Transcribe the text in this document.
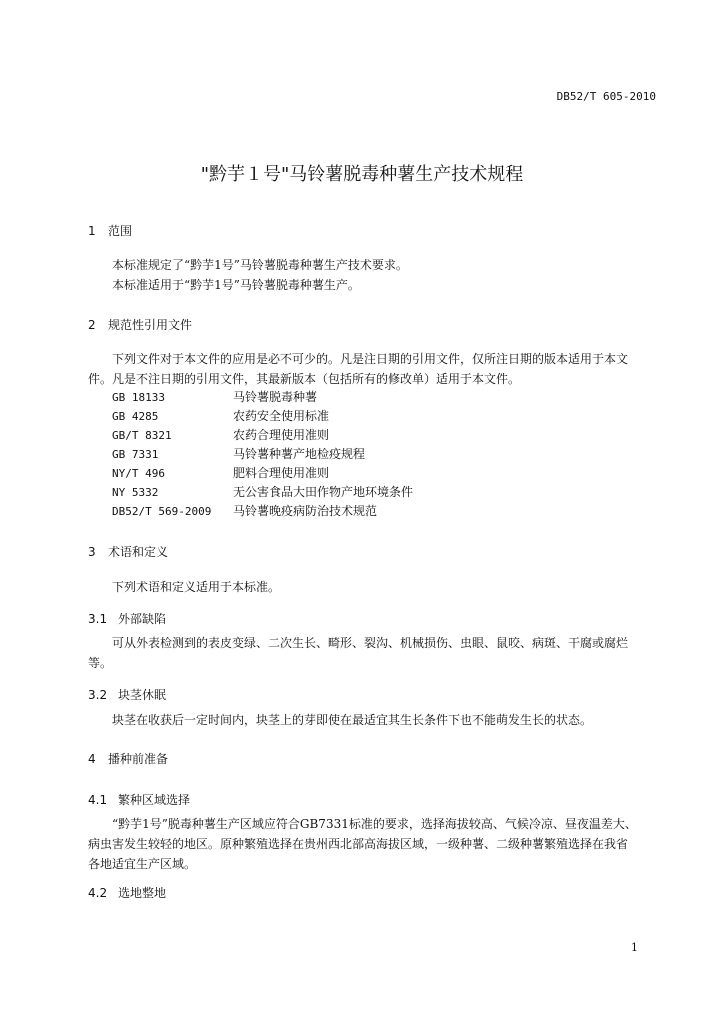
DB52/T 605-2010
"黔芋１号"马铃薯脱毒种薯生产技术规程
1 范围
本标准规定了“黔芋1号”马铃薯脱毒种薯生产技术要求。
本标准适用于“黔芋1号”马铃薯脱毒种薯生产。
2 规范性引用文件
下列文件对于本文件的应用是必不可少的。凡是注日期的引用文件，仅所注日期的版本适用于本文
件。凡是不注日期的引用文件，其最新版本（包括所有的修改单）适用于本文件。
GB 18133	马铃薯脱毒种薯
GB 4285	农药安全使用标准
GB/T 8321	农药合理使用准则
GB 7331	马铃薯种薯产地检疫规程
NY/T 496	肥料合理使用准则
NY 5332	无公害食品大田作物产地环境条件
DB52/T 569-2009 马铃薯晚疫病防治技术规范
3 术语和定义
下列术语和定义适用于本标准。
3.1 外部缺陷
可从外表检测到的表皮变绿、二次生长、畸形、裂沟、机械损伤、虫眼、鼠咬、病斑、干腐或腐烂
等。
3.2 块茎休眠
块茎在收获后一定时间内，块茎上的芽即使在最适宜其生长条件下也不能萌发生长的状态。
4 播种前准备
4.1 繁种区域选择
“黔芋1号”脱毒种薯生产区域应符合GB7331标准的要求，选择海拔较高、气候冷凉、昼夜温差大、
病虫害发生较轻的地区。原种繁殖选择在贵州西北部高海拔区域，一级种薯、二级种薯繁殖选择在我省
各地适宜生产区域。
4.2 选地整地
1
